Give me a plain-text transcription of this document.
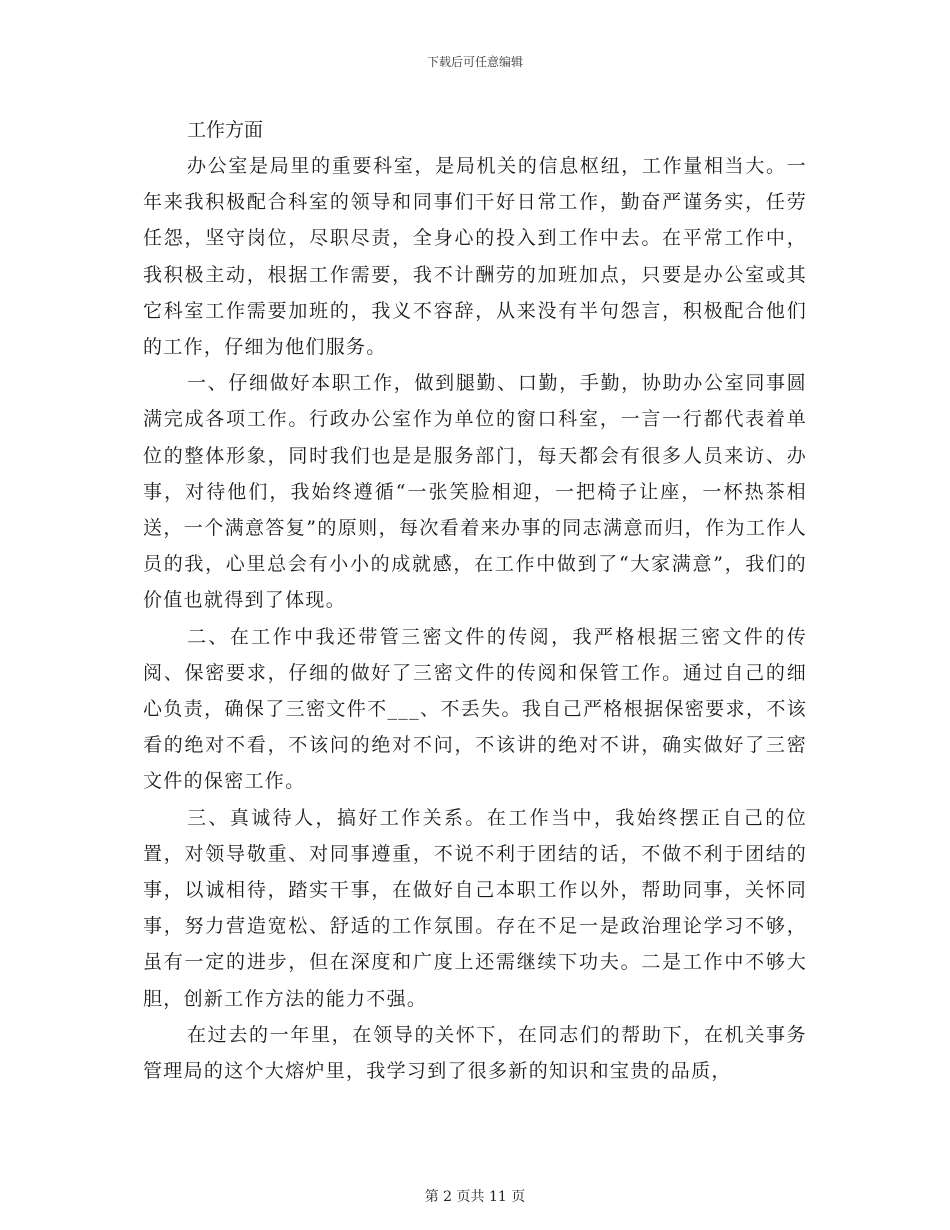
下载后可任意编辑

工作方面

办公室是局里的重要科室，是局机关的信息枢纽，工作量相当大。一年来我积极配合科室的领导和同事们干好日常工作，勤奋严谨务实，任劳任怨，坚守岗位，尽职尽责，全身心的投入到工作中去。在平常工作中，我积极主动，根据工作需要，我不计酬劳的加班加点，只要是办公室或其它科室工作需要加班的，我义不容辞，从来没有半句怨言，积极配合他们的工作，仔细为他们服务。

一、仔细做好本职工作，做到腿勤、口勤，手勤，协助办公室同事圆满完成各项工作。行政办公室作为单位的窗口科室，一言一行都代表着单位的整体形象，同时我们也是是服务部门，每天都会有很多人员来访、办事，对待他们，我始终遵循“一张笑脸相迎，一把椅子让座，一杯热茶相送，一个满意答复”的原则，每次看着来办事的同志满意而归，作为工作人员的我，心里总会有小小的成就感，在工作中做到了“大家满意”，我们的价值也就得到了体现。

二、在工作中我还带管三密文件的传阅，我严格根据三密文件的传阅、保密要求，仔细的做好了三密文件的传阅和保管工作。通过自己的细心负责，确保了三密文件不___、不丢失。我自己严格根据保密要求，不该看的绝对不看，不该问的绝对不问，不该讲的绝对不讲，确实做好了三密文件的保密工作。

三、真诚待人，搞好工作关系。在工作当中，我始终摆正自己的位置，对领导敬重、对同事遵重，不说不利于团结的话，不做不利于团结的事，以诚相待，踏实干事，在做好自己本职工作以外，帮助同事，关怀同事，努力营造宽松、舒适的工作氛围。存在不足一是政治理论学习不够，虽有一定的进步，但在深度和广度上还需继续下功夫。二是工作中不够大胆，创新工作方法的能力不强。

在过去的一年里，在领导的关怀下，在同志们的帮助下，在机关事务管理局的这个大熔炉里，我学习到了很多新的知识和宝贵的品质，

第 2 页共 11 页
